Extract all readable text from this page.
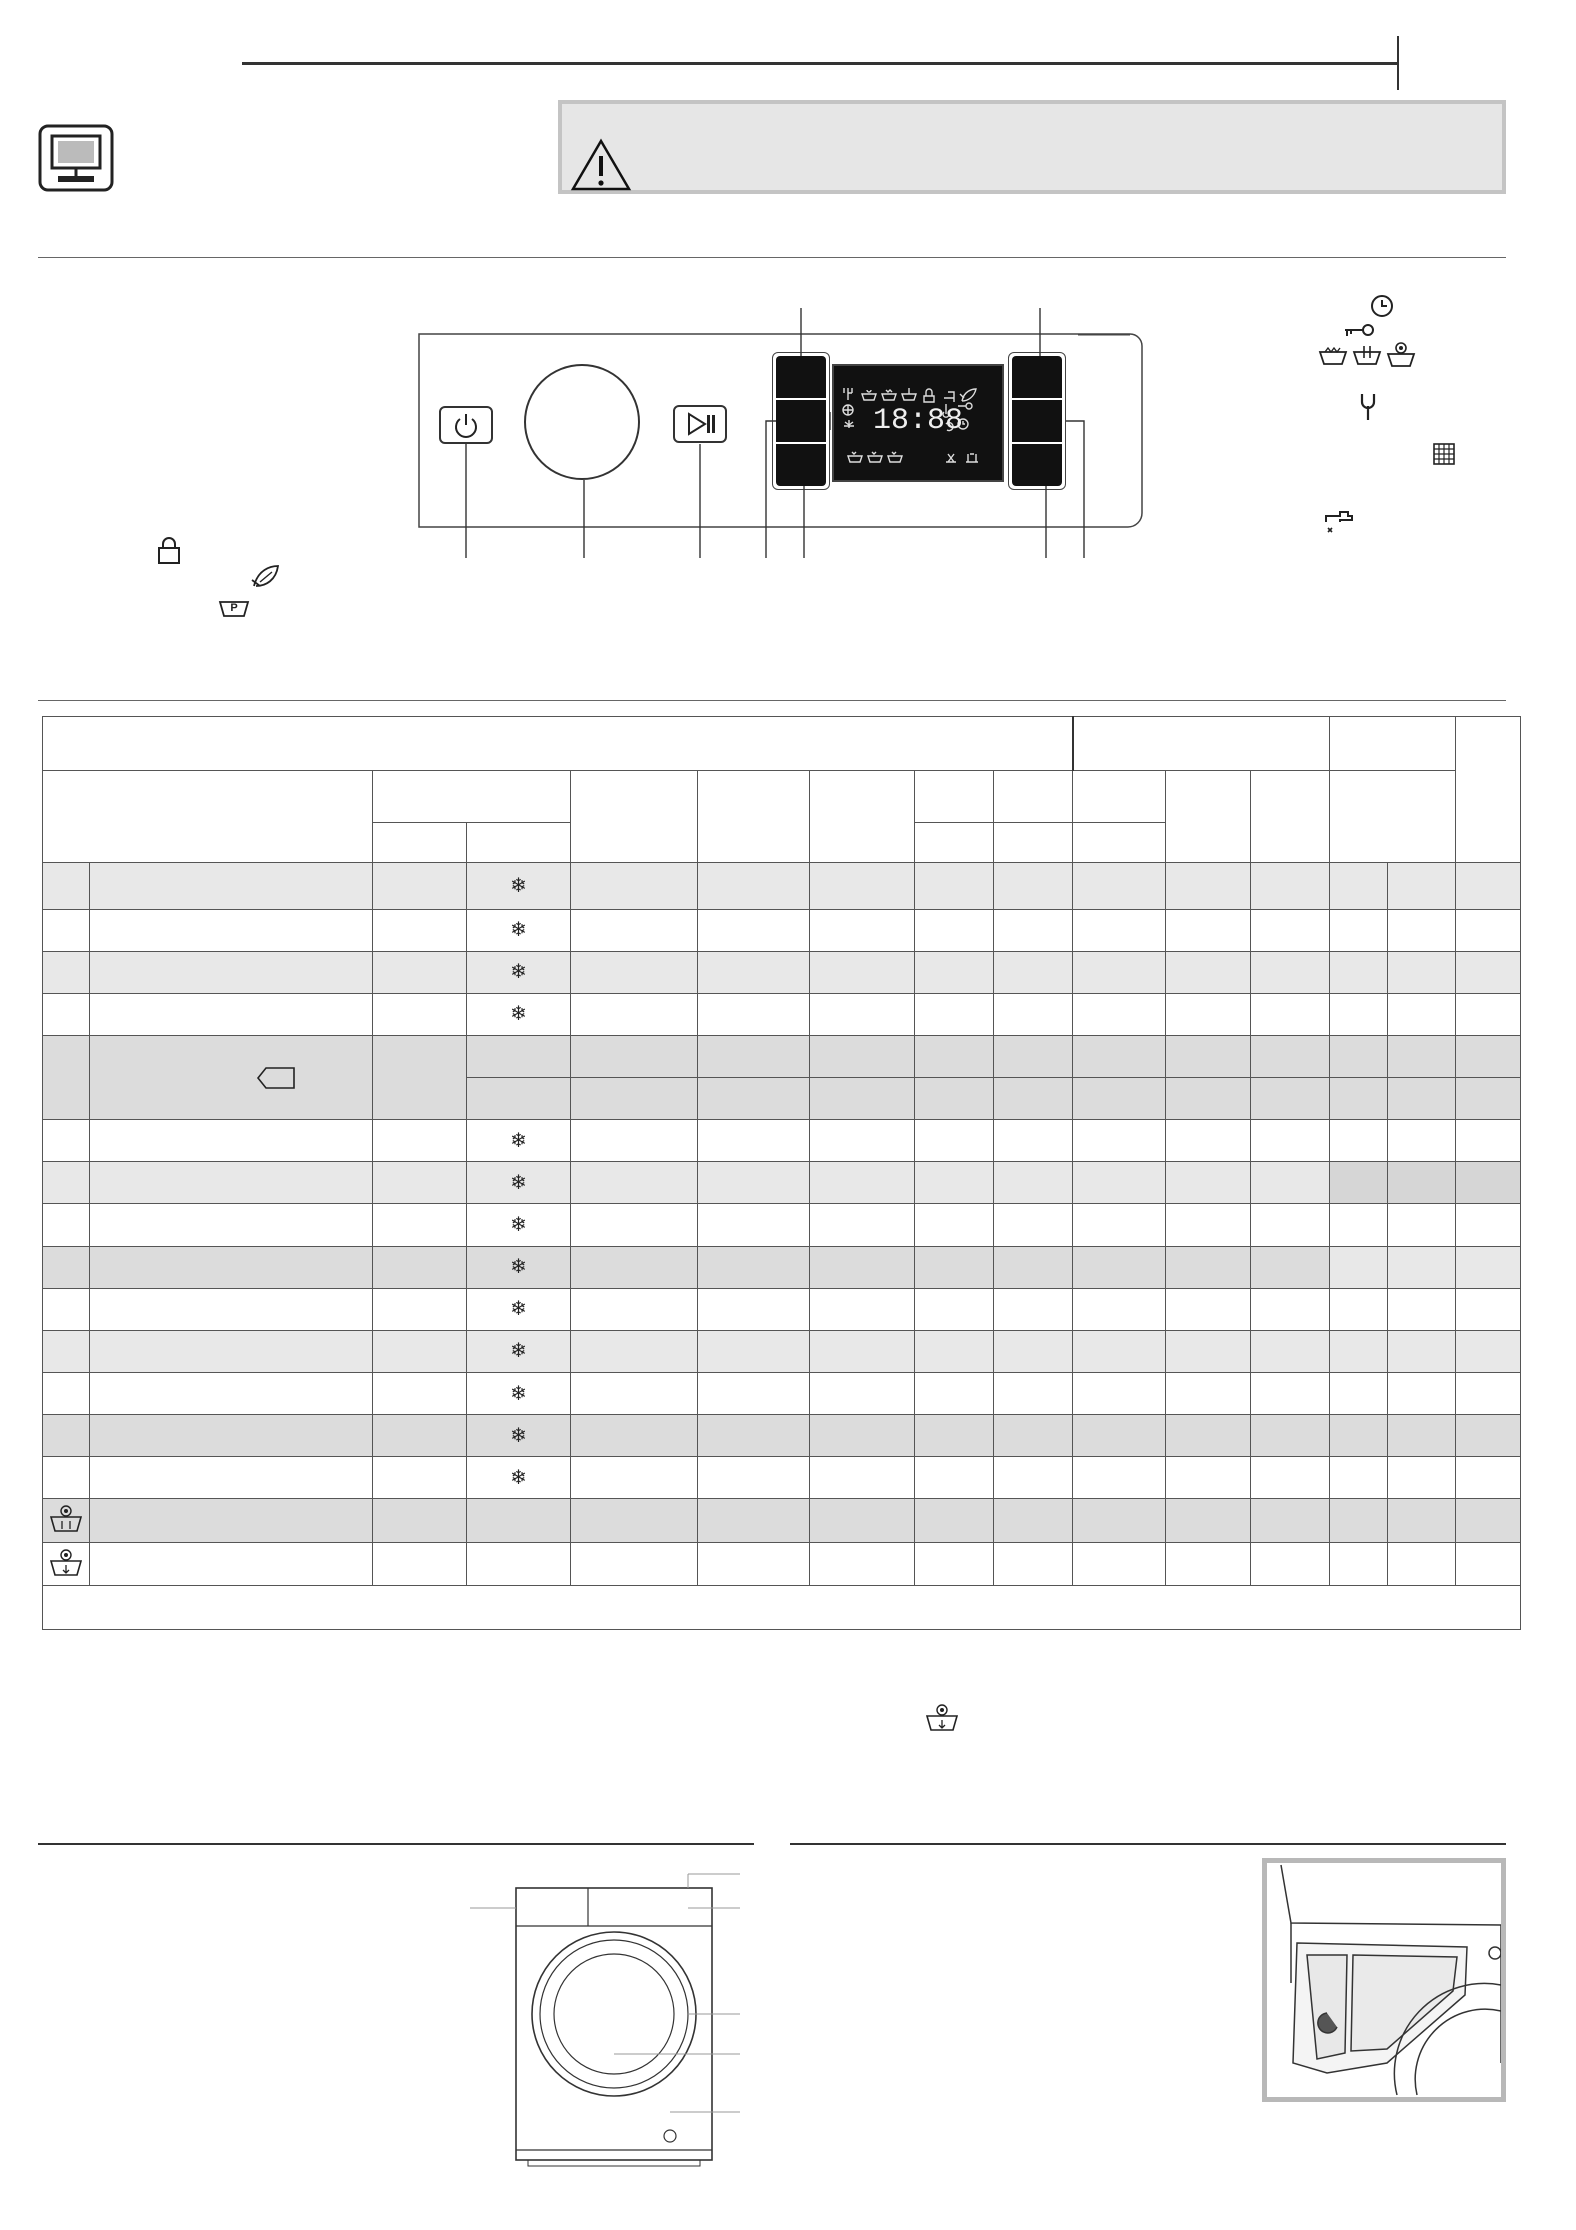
18:88
P

			❄												
			❄												
			❄												
			❄												

			❄												
			❄												
			❄												
			❄												
			❄												
			❄												
			❄												
			❄												
			❄												
